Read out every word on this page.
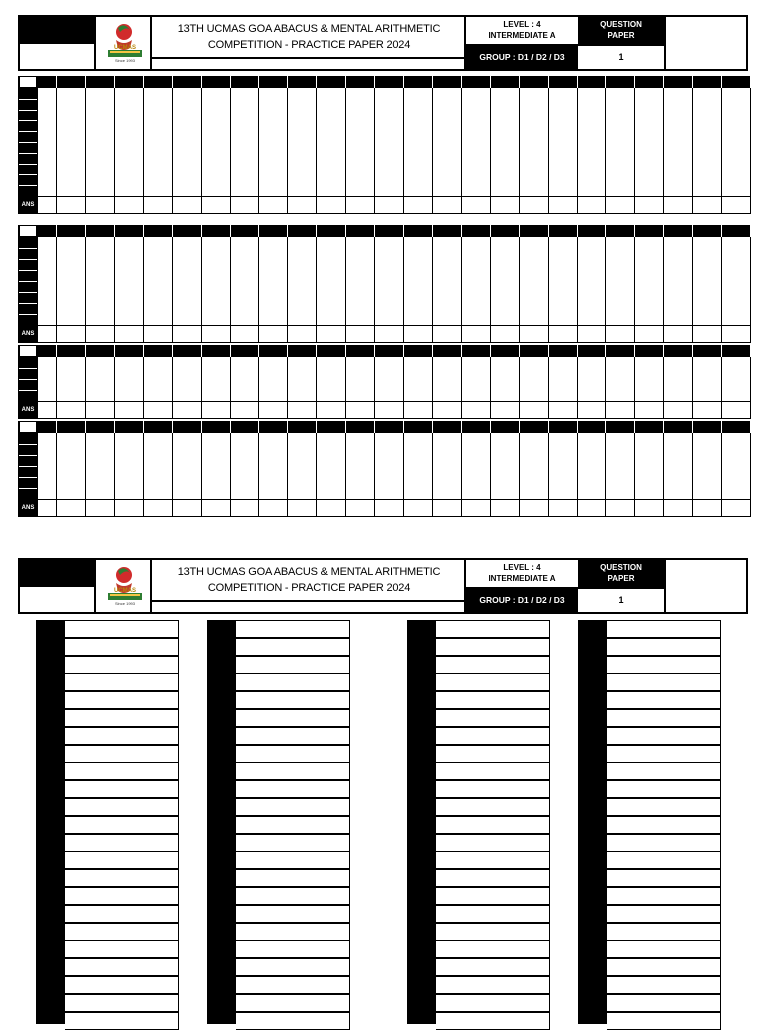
UCMAS
Since 1993
13TH UCMAS GOA ABACUS & MENTAL ARITHMETIC
COMPETITION - PRACTICE PAPER 2024
LEVEL : 4
INTERMEDIATE A
GROUP : D1 / D2 / D3
QUESTION
PAPER
1
ANS
ANS
ANS
ANS
UCMAS
Since 1993
13TH UCMAS GOA ABACUS & MENTAL ARITHMETIC
COMPETITION - PRACTICE PAPER 2024
LEVEL : 4
INTERMEDIATE A
GROUP : D1 / D2 / D3
QUESTION
PAPER
1
